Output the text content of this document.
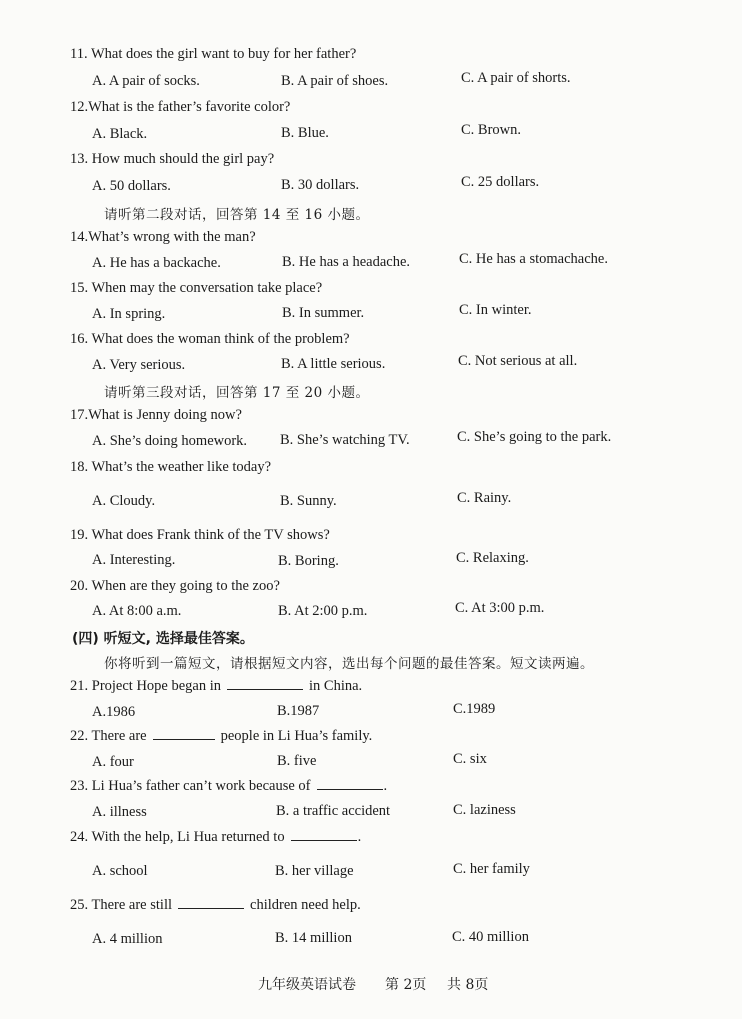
11. What does the girl want to buy for her father?
A. A pair of socks.	B. A pair of shoes.	C. A pair of shorts.
12.What is the father’s favorite color?
A. Black.	B. Blue.	C. Brown.
13. How much should the girl pay?
A. 50 dollars.	B. 30 dollars.	C. 25 dollars.
请听第二段对话，回答第 14 至 16 小题。
14.What’s wrong with the man?
A. He has a backache.	B. He has a headache.	C. He has a stomachache.
15. When may the conversation take place?
A. In spring.	B. In summer.	C. In winter.
16. What does the woman think of the problem?
A. Very serious.	B. A little serious.	C. Not serious at all.
请听第三段对话，回答第 17 至 20 小题。
17.What is Jenny doing now?
A. She’s doing homework. B. She’s watching TV.	C. She’s going to the park.
18. What’s the weather like today?
A. Cloudy.	B. Sunny.	C. Rainy.
19. What does Frank think of the TV shows?
A. Interesting.	B. Boring.	C. Relaxing.
20. When are they going to the zoo?
A. At 8:00 a.m.	B. At 2:00 p.m.	C. At 3:00 p.m.
(四) 听短文, 选择最佳答案。
你将听到一篇短文，请根据短文内容，选出每个问题的最佳答案。短文读两遍。
21. Project Hope began in	in China.
A.1986	B.1987	C.1989
22. There are	people in Li Hua’s family.
A. four	B. five	C. six
23. Li Hua’s father can’t work because of	.
A. illness	B. a traffic accident	C. laziness
24. With the help, Li Hua returned to	.
A. school	B. her village	C. her family
25. There are still	children need help.
A. 4 million	B. 14 million	C. 40 million
九年级英语试卷 第 2页 共 8页
